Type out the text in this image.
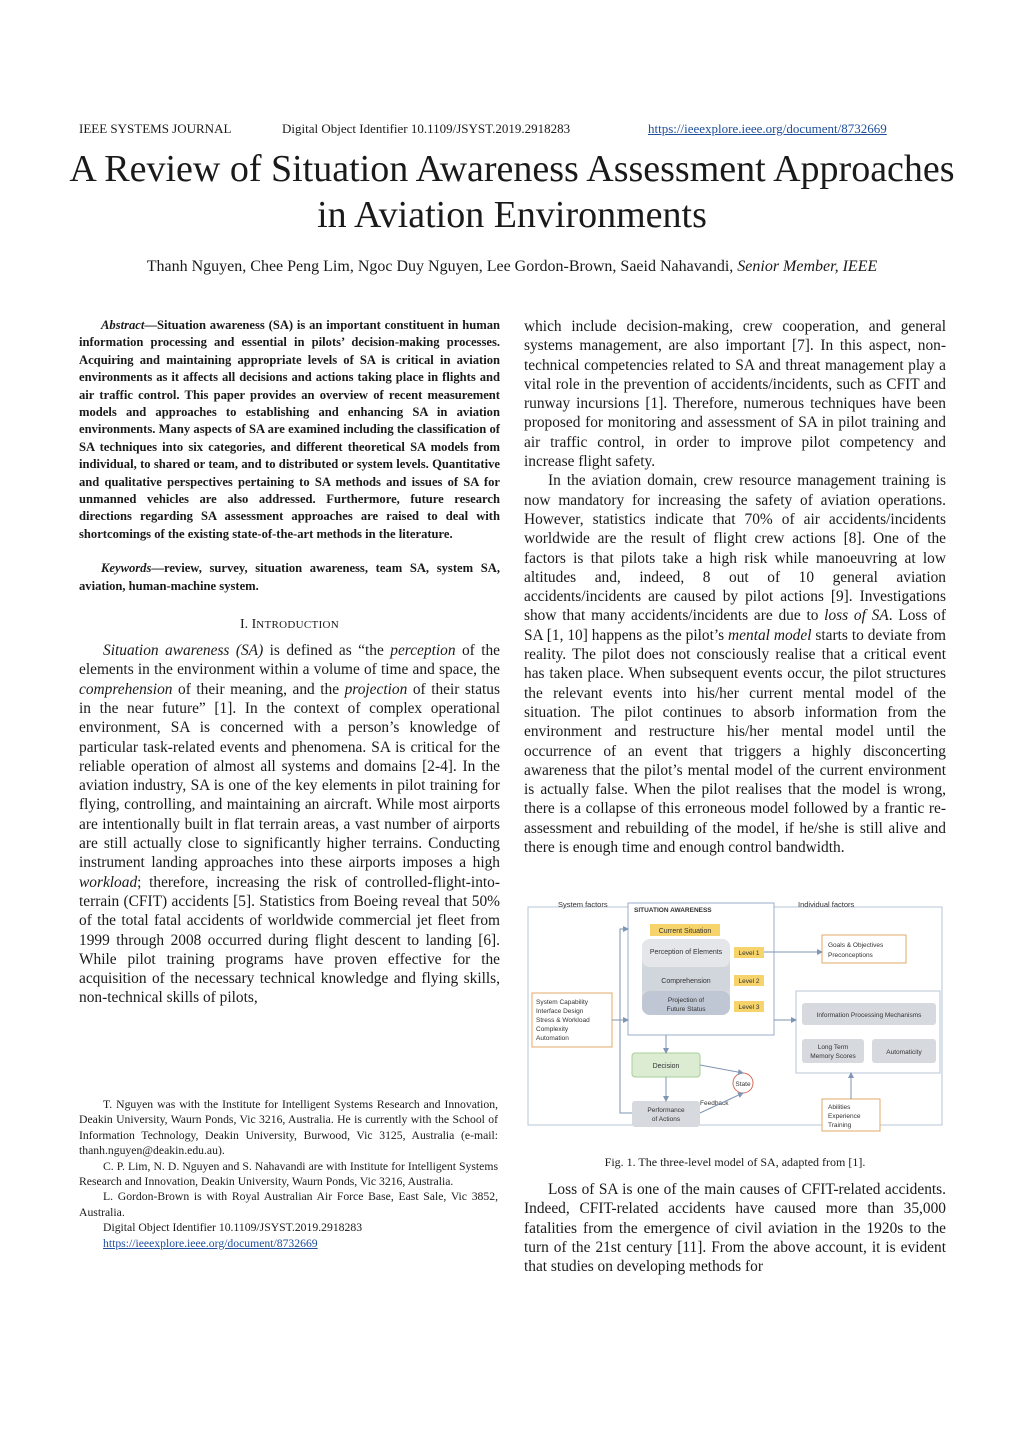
IEEE SYSTEMS JOURNAL	Digital Object Identifier 10.1109/JSYST.2019.2918283	https://ieeexplore.ieee.org/document/8732669
A Review of Situation Awareness Assessment Approaches in Aviation Environments
Thanh Nguyen, Chee Peng Lim, Ngoc Duy Nguyen, Lee Gordon-Brown, Saeid Nahavandi, Senior Member, IEEE

Abstract—Situation awareness (SA) is an important constituent in human information processing and essential in pilots’ decision-making processes. Acquiring and maintaining appropriate levels of SA is critical in aviation environments as it affects all decisions and actions taking place in flights and air traffic control. This paper provides an overview of recent measurement models and approaches to establishing and enhancing SA in aviation environments. Many aspects of SA are examined including the classification of SA techniques into six categories, and different theoretical SA models from individual, to shared or team, and to distributed or system levels. Quantitative and qualitative perspectives pertaining to SA methods and issues of SA for unmanned vehicles are also addressed. Furthermore, future research directions regarding SA assessment approaches are raised to deal with shortcomings of the existing state-of-the-art methods in the literature.

Keywords—review, survey, situation awareness, team SA, system SA, aviation, human-machine system.

I. INTRODUCTION

Situation awareness (SA) is defined as “the perception of the elements in the environment within a volume of time and space, the comprehension of their meaning, and the projection of their status in the near future” [1]. In the context of complex operational environment, SA is concerned with a person’s knowledge of particular task-related events and phenomena. SA is critical for the reliable operation of almost all systems and domains [2-4]. In the aviation industry, SA is one of the key elements in pilot training for flying, controlling, and maintaining an aircraft. While most airports are intentionally built in flat terrain areas, a vast number of airports are still actually close to significantly higher terrains. Conducting instrument landing approaches into these airports imposes a high workload; therefore, increasing the risk of controlled-flight-into-terrain (CFIT) accidents [5]. Statistics from Boeing reveal that 50% of the total fatal accidents of worldwide commercial jet fleet from 1999 through 2008 occurred during flight descent to landing [6]. While pilot training programs have proven effective for the acquisition of the necessary technical knowledge and flying skills, non-technical skills of pilots,

T. Nguyen was with the Institute for Intelligent Systems Research and Innovation, Deakin University, Waurn Ponds, Vic 3216, Australia. He is currently with the School of Information Technology, Deakin University, Burwood, Vic 3125, Australia (e-mail: thanh.nguyen@deakin.edu.au).

C. P. Lim, N. D. Nguyen and S. Nahavandi are with Institute for Intelligent Systems Research and Innovation, Deakin University, Waurn Ponds, Vic 3216, Australia.

L. Gordon-Brown is with Royal Australian Air Force Base, East Sale, Vic 3852, Australia.

Digital Object Identifier 10.1109/JSYST.2019.2918283

https://ieeexplore.ieee.org/document/8732669

which include decision-making, crew cooperation, and general systems management, are also important [7]. In this aspect, non-technical competencies related to SA and threat management play a vital role in the prevention of accidents/incidents, such as CFIT and runway incursions [1]. Therefore, numerous techniques have been proposed for monitoring and assessment of SA in pilot training and air traffic control, in order to improve pilot competency and increase flight safety.

In the aviation domain, crew resource management training is now mandatory for increasing the safety of aviation operations. However, statistics indicate that 70% of air accidents/incidents worldwide are the result of flight crew actions [8]. One of the factors is that pilots take a high risk while manoeuvring at low altitudes and, indeed, 8 out of 10 general aviation accidents/incidents are caused by pilot actions [9]. Investigations show that many accidents/incidents are due to loss of SA. Loss of SA [1, 10] happens as the pilot’s mental model starts to deviate from reality. The pilot does not consciously realise that a critical event has taken place. When subsequent events occur, the pilot structures the relevant events into his/her current mental model of the situation. The pilot continues to absorb information from the environment and restructure his/her mental model until the occurrence of an event that triggers a highly disconcerting awareness that the pilot’s mental model of the current environment is actually false. When the pilot realises that the model is wrong, there is a collapse of this erroneous model followed by a frantic re-assessment and rebuilding of the model, if he/she is still alive and there is enough time and enough control bandwidth.

System factors	Individual factors
SITUATION AWARENESS
Current Situation
Perception of Elements
Comprehension
Projection of
Future Status
Level 1
Level 2
Level 3
System Capability
Interface Design
Stress & Workload
Complexity
Automation
Goals & Objectives
Preconceptions
Information Processing Mechanisms
Long Term
Memory Scores
Automaticity
Decision
State
Performance
of Actions
Feedback
Abilities
Experience
Training
Fig. 1. The three-level model of SA, adapted from [1].

Loss of SA is one of the main causes of CFIT-related accidents. Indeed, CFIT-related accidents have caused more than 35,000 fatalities from the emergence of civil aviation in the 1920s to the turn of the 21st century [11]. From the above account, it is evident that studies on developing methods for
